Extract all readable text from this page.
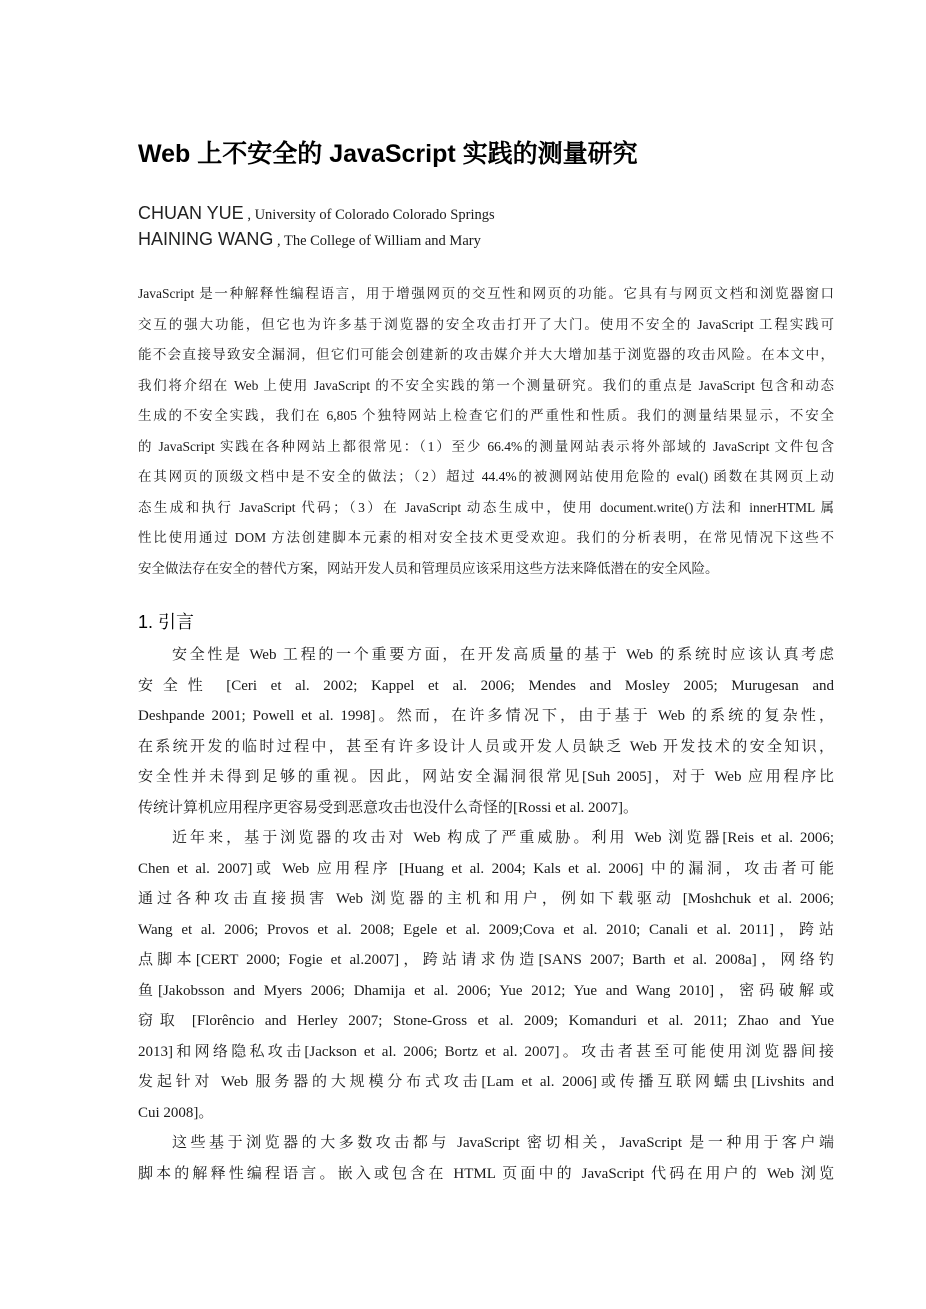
Web 上不安全的 JavaScript 实践的测量研究
CHUAN YUE , University of Colorado Colorado Springs
HAINING WANG , The College of William and Mary
JavaScript 是一种解释性编程语言，用于增强网页的交互性和网页的功能。它具有与网页文档和浏览器窗口
交互的强大功能，但它也为许多基于浏览器的安全攻击打开了大门。使用不安全的 JavaScript 工程实践可
能不会直接导致安全漏洞，但它们可能会创建新的攻击媒介并大大增加基于浏览器的攻击风险。在本文中，
我们将介绍在 Web 上使用 JavaScript 的不安全实践的第一个测量研究。我们的重点是 JavaScript 包含和动态
生成的不安全实践，我们在 6,805 个独特网站上检查它们的严重性和性质。我们的测量结果显示，不安全
的 JavaScript 实践在各种网站上都很常见：（1）至少 66.4%的测量网站表示将外部域的 JavaScript 文件包含
在其网页的顶级文档中是不安全的做法；（2）超过 44.4%的被测网站使用危险的 eval() 函数在其网页上动
态生成和执行 JavaScript 代码；（3）在 JavaScript 动态生成中，使用 document.write()方法和 innerHTML 属
性比使用通过 DOM 方法创建脚本元素的相对安全技术更受欢迎。我们的分析表明，在常见情况下这些不
安全做法存在安全的替代方案，网站开发人员和管理员应该采用这些方法来降低潜在的安全风险。
1. 引言
安全性是 Web 工程的一个重要方面，在开发高质量的基于 Web 的系统时应该认真考虑
安全性 [Ceri et al. 2002; Kappel et al. 2006; Mendes and Mosley 2005; Murugesan and
Deshpande 2001; Powell et al. 1998]。然而，在许多情况下，由于基于 Web 的系统的复杂性，
在系统开发的临时过程中，甚至有许多设计人员或开发人员缺乏 Web 开发技术的安全知识，
安全性并未得到足够的重视。因此，网站安全漏洞很常见[Suh 2005]，对于 Web 应用程序比
传统计算机应用程序更容易受到恶意攻击也没什么奇怪的[Rossi et al. 2007]。
近年来，基于浏览器的攻击对 Web 构成了严重威胁。利用 Web 浏览器[Reis et al. 2006;
Chen et al. 2007]或 Web 应用程序 [Huang et al. 2004; Kals et al. 2006] 中的漏洞，攻击者可能
通过各种攻击直接损害 Web 浏览器的主机和用户，例如下载驱动 [Moshchuk et al. 2006;
Wang et al. 2006; Provos et al. 2008; Egele et al. 2009;Cova et al. 2010; Canali et al. 2011]，跨站
点脚本[CERT 2000; Fogie et al.2007]，跨站请求伪造[SANS 2007; Barth et al. 2008a]，网络钓
鱼[Jakobsson and Myers 2006; Dhamija et al. 2006; Yue 2012; Yue and Wang 2010]，密码破解或
窃取 [Florêncio and Herley 2007; Stone-Gross et al. 2009; Komanduri et al. 2011; Zhao and Yue
2013]和网络隐私攻击[Jackson et al. 2006; Bortz et al. 2007]。攻击者甚至可能使用浏览器间接
发起针对 Web 服务器的大规模分布式攻击[Lam et al. 2006]或传播互联网蠕虫[Livshits and
Cui 2008]。
这些基于浏览器的大多数攻击都与 JavaScript 密切相关，JavaScript 是一种用于客户端
脚本的解释性编程语言。嵌入或包含在 HTML 页面中的 JavaScript 代码在用户的 Web 浏览
